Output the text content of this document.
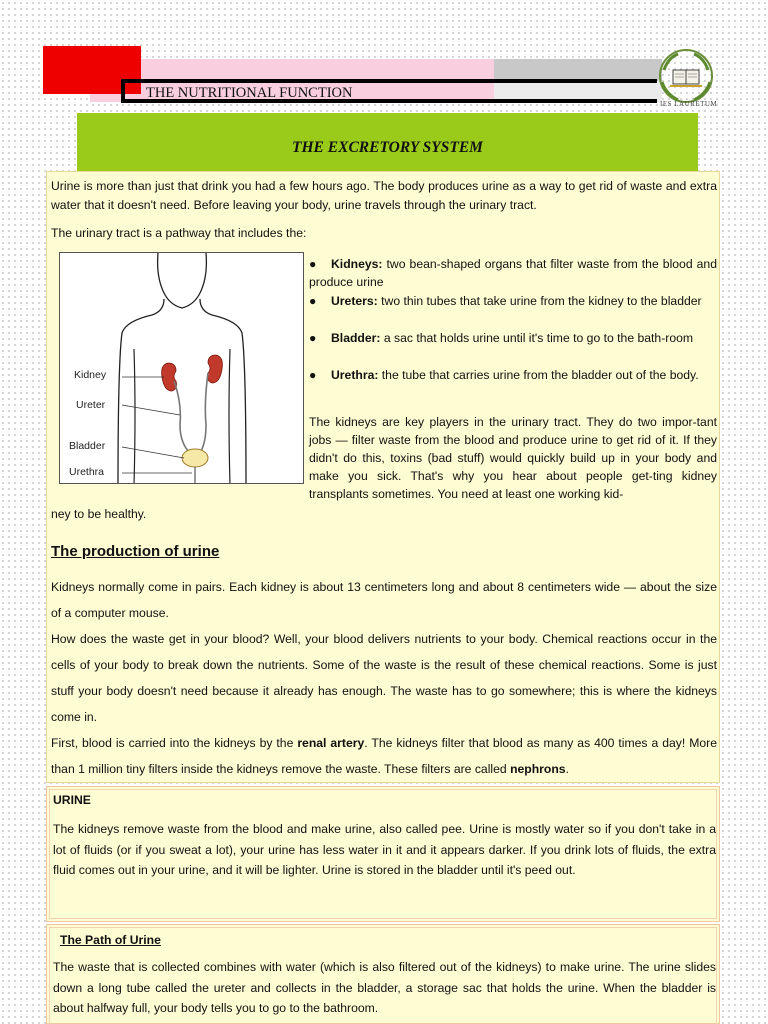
THE NUTRITIONAL FUNCTION
IES LAURETUM
THE EXCRETORY SYSTEM

Urine is more than just that drink you had a few hours ago. The body produces urine as a way to get rid of waste and extra water that it doesn't need. Before leaving your body, urine travels through the urinary tract.

The urinary tract is a pathway that includes the:

Kidney
Ureter
Bladder
Urethra
● Kidneys: two bean-shaped organs that filter waste from the blood and produce urine
● Ureters: two thin tubes that take urine from the kidney to the bladder
● Bladder: a sac that holds urine until it's time to go to the bath-room
● Urethra: the tube that carries urine from the bladder out of the body.

The kidneys are key players in the urinary tract. They do two impor-tant jobs — filter waste from the blood and produce urine to get rid of it. If they didn't do this, toxins (bad stuff) would quickly build up in your body and make you sick. That's why you hear about people get-ting kidney transplants sometimes. You need at least one working kid-

ney to be healthy.

The production of urine

Kidneys normally come in pairs. Each kidney is about 13 centimeters long and about 8 centimeters wide — about the size of a computer mouse.

How does the waste get in your blood? Well, your blood delivers nutrients to your body. Chemical reactions occur in the cells of your body to break down the nutrients. Some of the waste is the result of these chemical reactions. Some is just stuff your body doesn't need because it already has enough. The waste has to go somewhere; this is where the kidneys come in.

First, blood is carried into the kidneys by the renal artery. The kidneys filter that blood as many as 400 times a day! More than 1 million tiny filters inside the kidneys remove the waste. These filters are called nephrons.

URINE

The kidneys remove waste from the blood and make urine, also called pee. Urine is mostly water so if you don't take in a lot of fluids (or if you sweat a lot), your urine has less water in it and it appears darker. If you drink lots of fluids, the extra fluid comes out in your urine, and it will be lighter. Urine is stored in the bladder until it's peed out.

The Path of Urine

The waste that is collected combines with water (which is also filtered out of the kidneys) to make urine. The urine slides down a long tube called the ureter and collects in the bladder, a storage sac that holds the urine. When the bladder is about halfway full, your body tells you to go to the bathroom.
